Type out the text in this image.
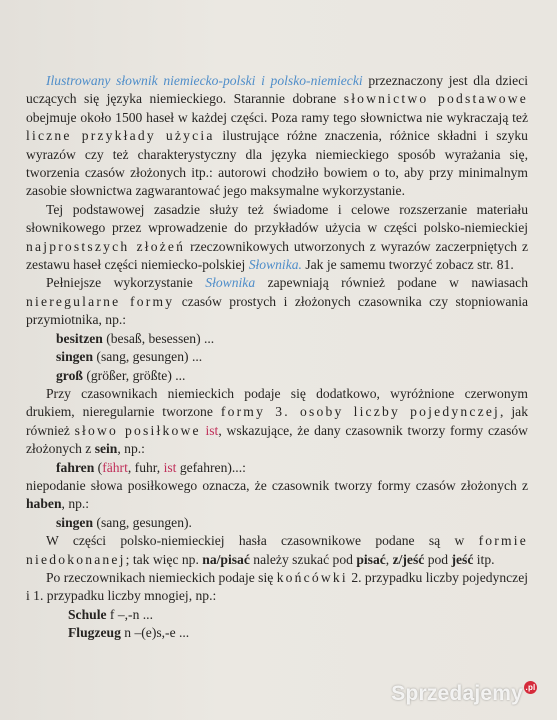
Ilustrowany słownik niemiecko-polski i polsko-niemiecki przeznaczony jest dla dzieci uczących się języka niemieckiego. Starannie dobrane słownictwo podstawowe obejmuje około 1500 haseł w każdej części. Poza ramy tego słownictwa nie wykraczają też liczne przykłady użycia ilustrujące różne znaczenia, różnice składni i szyku wyrazów czy też charakterystyczny dla języka niemieckiego sposób wyrażania się, tworzenia czasów złożonych itp.: autorowi chodziło bowiem o to, aby przy minimalnym zasobie słownictwa zagwarantować jego maksymalne wykorzystanie.

Tej podstawowej zasadzie służy też świadome i celowe rozszerzanie materiału słownikowego przez wprowadzenie do przykładów użycia w części polsko-niemieckiej najprostszych złożeń rzeczownikowych utworzonych z wyrazów zaczerpniętych z zestawu haseł części niemiecko-polskiej Słownika. Jak je samemu tworzyć zobacz str. 81.

Pełniejsze wykorzystanie Słownika zapewniają również podane w nawiasach nieregularne formy czasów prostych i złożonych czasownika czy stopniowania przymiotnika, np.:

besitzen (besaß, besessen) ...

singen (sang, gesungen) ...

groß (größer, größte) ...

Przy czasownikach niemieckich podaje się dodatkowo, wyróżnione czerwonym drukiem, nieregularnie tworzone formy 3. osoby liczby pojedynczej, jak również słowo posiłkowe ist, wskazujące, że dany czasownik tworzy formy czasów złożonych z sein, np.:

fahren (fährt, fuhr, ist gefahren)...:

niepodanie słowa posiłkowego oznacza, że czasownik tworzy formy czasów złożonych z haben, np.:

singen (sang, gesungen).

W części polsko-niemieckiej hasła czasownikowe podane są w formie niedokonanej; tak więc np. na/pisać należy szukać pod pisać, z/jeść pod jeść itp.

Po rzeczownikach niemieckich podaje się końcówki 2. przypadku liczby pojedynczej i 1. przypadku liczby mnogiej, np.:

Schule f –,-n ...

Flugzeug n –(e)s,-e ...

Sprzedajemy .pl
